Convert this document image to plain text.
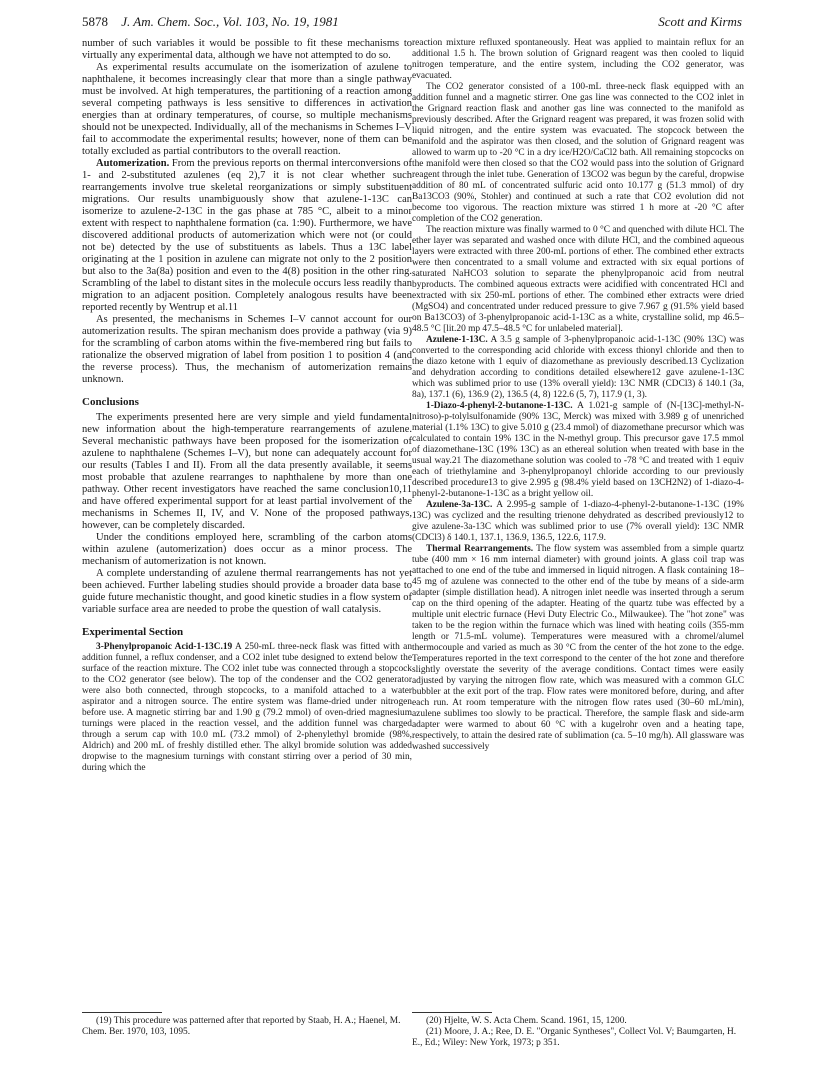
5878 J. Am. Chem. Soc., Vol. 103, No. 19, 1981	Scott and Kirms

number of such variables it would be possible to fit these mechanisms to virtually any experimental data, although we have not attempted to do so.

As experimental results accumulate on the isomerization of azulene to naphthalene, it becomes increasingly clear that more than a single pathway must be involved. At high temperatures, the partitioning of a reaction among several competing pathways is less sensitive to differences in activation energies than at ordinary temperatures, of course, so multiple mechanisms should not be unexpected. Individually, all of the mechanisms in Schemes I–V fail to accommodate the experimental results; however, none of them can be totally excluded as partial contributors to the overall reaction.

Automerization. From the previous reports on thermal interconversions of 1- and 2-substituted azulenes (eq 2),7 it is not clear whether such rearrangements involve true skeletal reorganizations or simply substituent migrations. Our results unambiguously show that azulene-1-13C can isomerize to azulene-2-13C in the gas phase at 785 °C, albeit to a minor extent with respect to naphthalene formation (ca. 1:90). Furthermore, we have discovered additional products of automerization which were not (or could not be) detected by the use of substituents as labels. Thus a 13C label originating at the 1 position in azulene can migrate not only to the 2 position but also to the 3a(8a) position and even to the 4(8) position in the other ring. Scrambling of the label to distant sites in the molecule occurs less readily than migration to an adjacent position. Completely analogous results have been reported recently by Wentrup et al.11

As presented, the mechanisms in Schemes I–V cannot account for our automerization results. The spiran mechanism does provide a pathway (via 9) for the scrambling of carbon atoms within the five-membered ring but fails to rationalize the observed migration of label from position 1 to position 4 (and the reverse process). Thus, the mechanism of automerization remains unknown.

Conclusions

The experiments presented here are very simple and yield fundamental new information about the high-temperature rearrangements of azulene. Several mechanistic pathways have been proposed for the isomerization of azulene to naphthalene (Schemes I–V), but none can adequately account for our results (Tables I and II). From all the data presently available, it seems most probable that azulene rearranges to naphthalene by more than one pathway. Other recent investigators have reached the same conclusion10,11 and have offered experimental support for at least partial involvement of the mechanisms in Schemes II, IV, and V. None of the proposed pathways, however, can be completely discarded.

Under the conditions employed here, scrambling of the carbon atoms within azulene (automerization) does occur as a minor process. The mechanism of automerization is not known.

A complete understanding of azulene thermal rearrangements has not yet been achieved. Further labeling studies should provide a broader data base to guide future mechanistic thought, and good kinetic studies in a flow system of variable surface area are needed to probe the question of wall catalysis.

Experimental Section

3-Phenylpropanoic Acid-1-13C.19 A 250-mL three-neck flask was fitted with an addition funnel, a reflux condenser, and a CO2 inlet tube designed to extend below the surface of the reaction mixture. The CO2 inlet tube was connected through a stopcock to the CO2 generator (see below). The top of the condenser and the CO2 generator were also both connected, through stopcocks, to a manifold attached to a water aspirator and a nitrogen source. The entire system was flame-dried under nitrogen before use. A magnetic stirring bar and 1.90 g (79.2 mmol) of oven-dried magnesium turnings were placed in the reaction vessel, and the addition funnel was charged through a serum cap with 10.0 mL (73.2 mmol) of 2-phenylethyl bromide (98%, Aldrich) and 200 mL of freshly distilled ether. The alkyl bromide solution was added dropwise to the magnesium turnings with constant stirring over a period of 30 min, during which the

reaction mixture refluxed spontaneously. Heat was applied to maintain reflux for an additional 1.5 h. The brown solution of Grignard reagent was then cooled to liquid nitrogen temperature, and the entire system, including the CO2 generator, was evacuated.

The CO2 generator consisted of a 100-mL three-neck flask equipped with an addition funnel and a magnetic stirrer. One gas line was connected to the CO2 inlet in the Grignard reaction flask and another gas line was connected to the manifold as previously described. After the Grignard reagent was prepared, it was frozen solid with liquid nitrogen, and the entire system was evacuated. The stopcock between the manifold and the aspirator was then closed, and the solution of Grignard reagent was allowed to warm up to -20 °C in a dry ice/H2O/CaCl2 bath. All remaining stopcocks on the manifold were then closed so that the CO2 would pass into the solution of Grignard reagent through the inlet tube. Generation of 13CO2 was begun by the careful, dropwise addition of 80 mL of concentrated sulfuric acid onto 10.177 g (51.3 mmol) of dry Ba13CO3 (90%, Stohler) and continued at such a rate that CO2 evolution did not become too vigorous. The reaction mixture was stirred 1 h more at -20 °C after completion of the CO2 generation.

The reaction mixture was finally warmed to 0 °C and quenched with dilute HCl. The ether layer was separated and washed once with dilute HCl, and the combined aqueous layers were extracted with three 200-mL portions of ether. The combined ether extracts were then concentrated to a small volume and extracted with six equal portions of saturated NaHCO3 solution to separate the phenylpropanoic acid from neutral byproducts. The combined aqueous extracts were acidified with concentrated HCl and extracted with six 250-mL portions of ether. The combined ether extracts were dried (MgSO4) and concentrated under reduced pressure to give 7.967 g (91.5% yield based on Ba13CO3) of 3-phenylpropanoic acid-1-13C as a white, crystalline solid, mp 46.5–48.5 °C [lit.20 mp 47.5–48.5 °C for unlabeled material].

Azulene-1-13C. A 3.5 g sample of 3-phenylpropanoic acid-1-13C (90% 13C) was converted to the corresponding acid chloride with excess thionyl chloride and then to the diazo ketone with 1 equiv of diazomethane as previously described.13 Cyclization and dehydration according to conditions detailed elsewhere12 gave azulene-1-13C which was sublimed prior to use (13% overall yield): 13C NMR (CDCl3) δ 140.1 (3a, 8a), 137.1 (6), 136.9 (2), 136.5 (4, 8) 122.6 (5, 7), 117.9 (1, 3).

1-Diazo-4-phenyl-2-butanone-1-13C. A 1.021-g sample of (N-[13C]-methyl-N-nitroso)-p-tolylsulfonamide (90% 13C, Merck) was mixed with 3.989 g of unenriched material (1.1% 13C) to give 5.010 g (23.4 mmol) of diazomethane precursor which was calculated to contain 19% 13C in the N-methyl group. This precursor gave 17.5 mmol of diazomethane-13C (19% 13C) as an ethereal solution when treated with base in the usual way.21 The diazomethane solution was cooled to -78 °C and treated with 1 equiv each of triethylamine and 3-phenylpropanoyl chloride according to our previously described procedure13 to give 2.995 g (98.4% yield based on 13CH2N2) of 1-diazo-4-phenyl-2-butanone-1-13C as a bright yellow oil.

Azulene-3a-13C. A 2.995-g sample of 1-diazo-4-phenyl-2-butanone-1-13C (19% 13C) was cyclized and the resulting trienone dehydrated as described previously12 to give azulene-3a-13C which was sublimed prior to use (7% overall yield): 13C NMR (CDCl3) δ 140.1, 137.1, 136.9, 136.5, 122.6, 117.9.

Thermal Rearrangements. The flow system was assembled from a simple quartz tube (400 mm × 16 mm internal diameter) with ground joints. A glass coil trap was attached to one end of the tube and immersed in liquid nitrogen. A flask containing 18–45 mg of azulene was connected to the other end of the tube by means of a side-arm adapter (simple distillation head). A nitrogen inlet needle was inserted through a serum cap on the third opening of the adapter. Heating of the quartz tube was effected by a multiple unit electric furnace (Hevi Duty Electric Co., Milwaukee). The "hot zone" was taken to be the region within the furnace which was lined with heating coils (355-mm length or 71.5-mL volume). Temperatures were measured with a chromel/alumel thermocouple and varied as much as 30 °C from the center of the hot zone to the edge. Temperatures reported in the text correspond to the center of the hot zone and therefore slightly overstate the severity of the average conditions. Contact times were easily adjusted by varying the nitrogen flow rate, which was measured with a common GLC bubbler at the exit port of the trap. Flow rates were monitored before, during, and after each run. At room temperature with the nitrogen flow rates used (30–60 mL/min), azulene sublimes too slowly to be practical. Therefore, the sample flask and side-arm adapter were warmed to about 60 °C with a kugelrohr oven and a heating tape, respectively, to attain the desired rate of sublimation (ca. 5–10 mg/h). All glassware was washed successively

(19) This procedure was patterned after that reported by Staab, H. A.; Haenel, M. Chem. Ber. 1970, 103, 1095.

(20) Hjelte, W. S. Acta Chem. Scand. 1961, 15, 1200.

(21) Moore, J. A.; Ree, D. E. "Organic Syntheses", Collect Vol. V; Baumgarten, H. E., Ed.; Wiley: New York, 1973; p 351.
